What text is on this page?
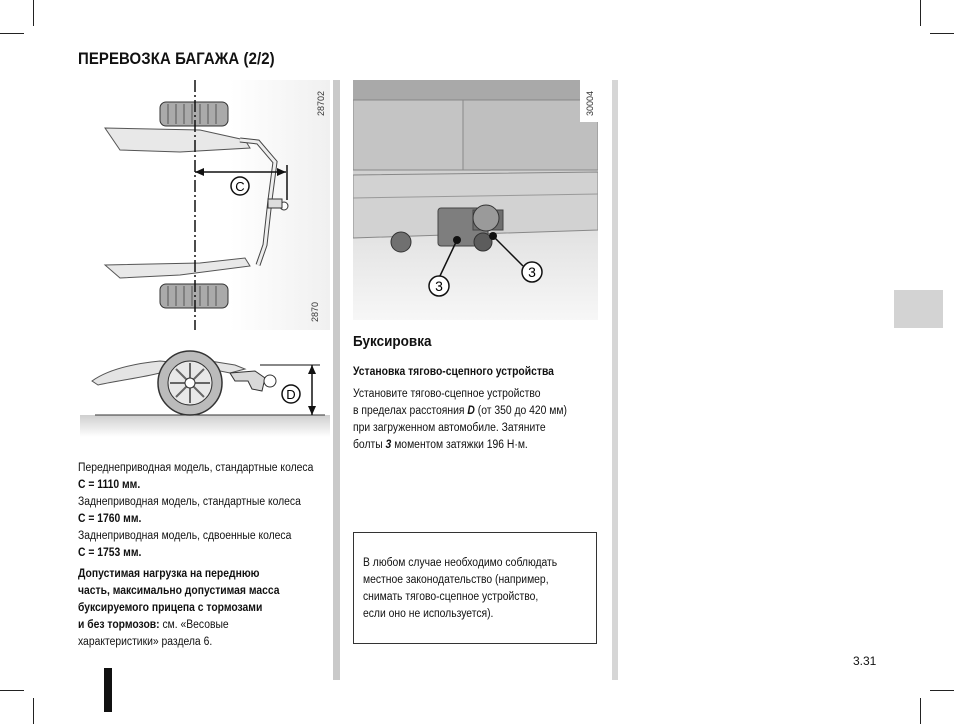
ПЕРЕВОЗКА БАГАЖА (2/2)
C
28702
2870
D
3
3
30004
Переднеприводная модель, стандартные колеса
C = 1110 мм.
Заднеприводная модель, стандартные колеса
C = 1760 мм.
Заднеприводная модель, сдвоенные колеса
C = 1753 мм.
Допустимая нагрузка на переднюю
часть, максимально допустимая масса
буксируемого прицепа с тормозами
и без тормозов: см. «Весовые
характеристики» раздела 6.
Буксировка
Установка тягово-сцепного устройства
Установите тягово-сцепное устройство
в пределах расстояния D (от 350 до 420 мм)
при загруженном автомобиле. Затяните
болты 3 моментом затяжки 196 Н·м.
В любом случае необходимо соблюдать
местное законодательство (например,
снимать тягово-сцепное устройство,
если оно не используется).
3.31
